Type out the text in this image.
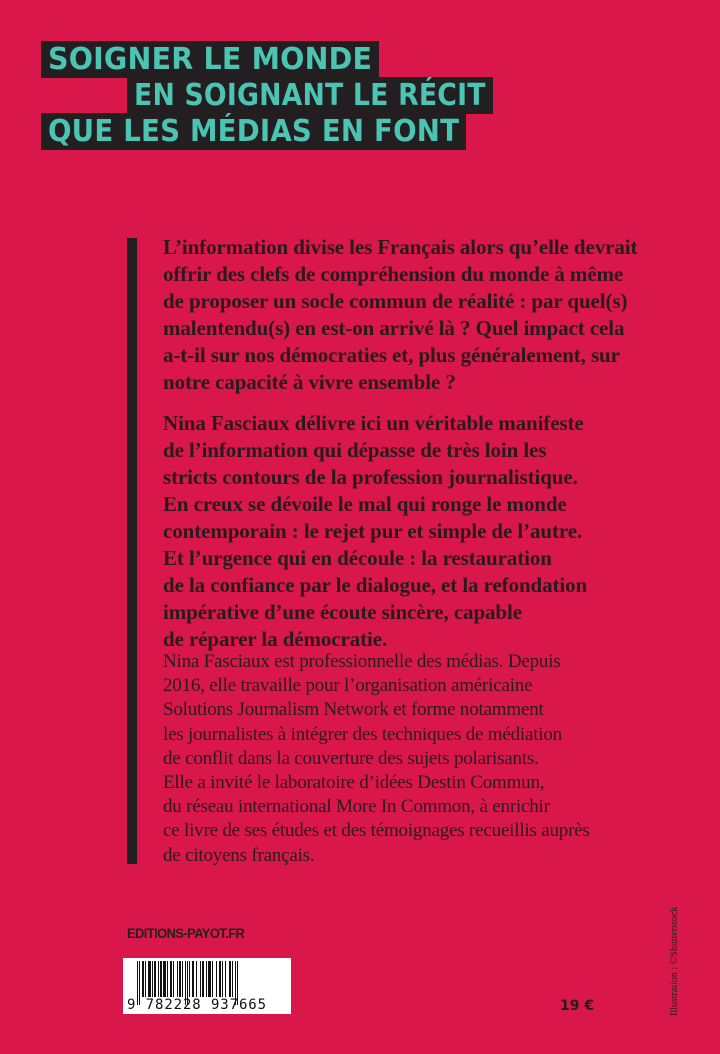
SOIGNER LE MONDE
EN SOIGNANT LE RÉCIT
QUE LES MÉDIAS EN FONT
L’information divise les Français alors qu’elle devrait
offrir des clefs de compréhension du monde à même
de proposer un socle commun de réalité : par quel(s)
malentendu(s) en est-on arrivé là ? Quel impact cela
a-t-il sur nos démocraties et, plus généralement, sur
notre capacité à vivre ensemble ?
Nina Fasciaux délivre ici un véritable manifeste
de l’information qui dépasse de très loin les
stricts contours de la profession journalistique.
En creux se dévoile le mal qui ronge le monde
contemporain : le rejet pur et simple de l’autre.
Et l’urgence qui en découle : la restauration
de la confiance par le dialogue, et la refondation
impérative d’une écoute sincère, capable
de réparer la démocratie.
Nina Fasciaux est professionnelle des médias. Depuis
2016, elle travaille pour l’organisation américaine
Solutions Journalism Network et forme notamment
les journalistes à intégrer des techniques de médiation
de conflit dans la couverture des sujets polarisants.
Elle a invité le laboratoire d’idées Destin Commun,
du réseau international More In Common, à enrichir
ce livre de ses études et des témoignages recueillis auprès
de citoyens français.
EDITIONS-PAYOT.FR
9 782228 937665	19 €	Illustration : ©Shutterstock
